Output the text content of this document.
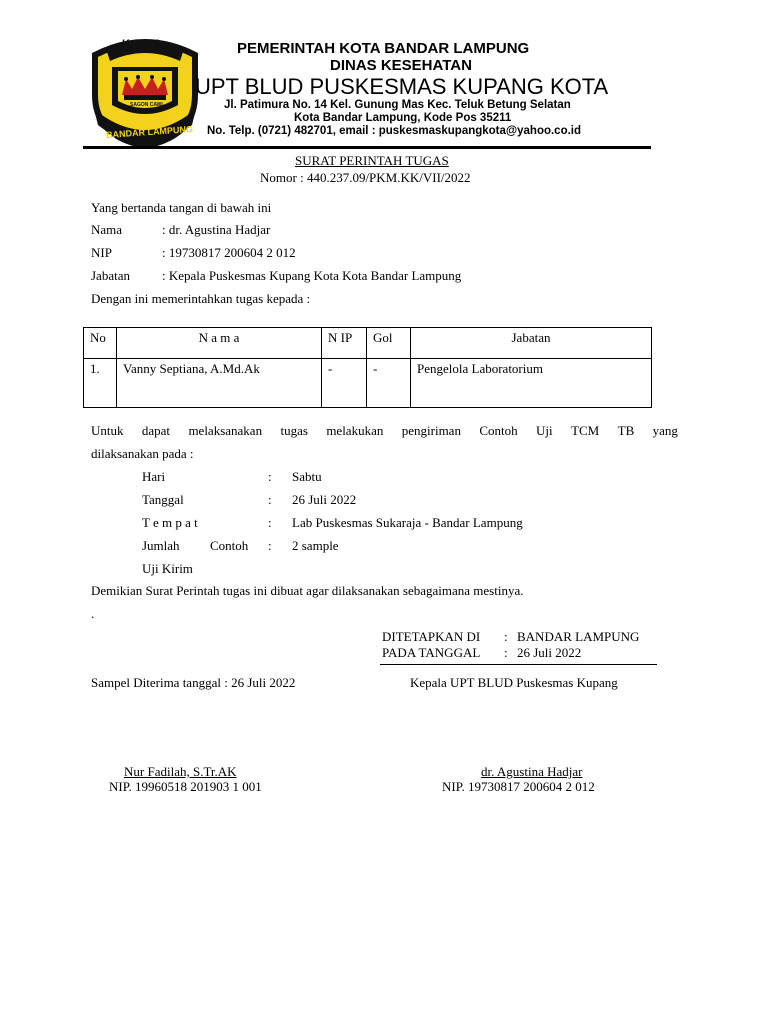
KOTA
SAGON CAWI
BANDAR LAMPUNG
PEMERINTAH KOTA BANDAR LAMPUNG
DINAS KESEHATAN
UPT BLUD PUSKESMAS KUPANG KOTA
Jl. Patimura No. 14 Kel. Gunung Mas Kec. Teluk Betung Selatan
Kota Bandar Lampung, Kode Pos 35211
No. Telp. (0721) 482701, email : puskesmaskupangkota@yahoo.co.id
SURAT PERINTAH TUGAS
Nomor : 440.237.09/PKM.KK/VII/2022
Yang bertanda tangan di bawah ini
Nama	: dr. Agustina Hadjar
NIP	: 19730817 200604 2 012
Jabatan : Kepala Puskesmas Kupang Kota Kota Bandar Lampung
Dengan ini memerintahkan tugas kepada :
No	N a m a	N IP	Gol	Jabatan
1.	Vanny Septiana, A.Md.Ak	-	-	Pengelola Laboratorium
Untuk dapat melaksanakan tugas melakukan pengiriman Contoh Uji TCM TB yang
dilaksanakan pada :
Hari	: Sabtu
Tanggal	: 26 Juli 2022
T e m p a t	: Lab Puskesmas Sukaraja - Bandar Lampung
Jumlah Contoh : 2 sample
Uji Kirim
Demikian Surat Perintah tugas ini dibuat agar dilaksanakan sebagaimana mestinya.
.
DITETAPKAN DI : BANDAR LAMPUNG
PADA TANGGAL : 26 Juli 2022
Sampel Diterima tanggal : 26 Juli 2022	Kepala UPT BLUD Puskesmas Kupang
Nur Fadilah, S.Tr.AK
NIP. 19960518 201903 1 001
dr. Agustina Hadjar
NIP. 19730817 200604 2 012
